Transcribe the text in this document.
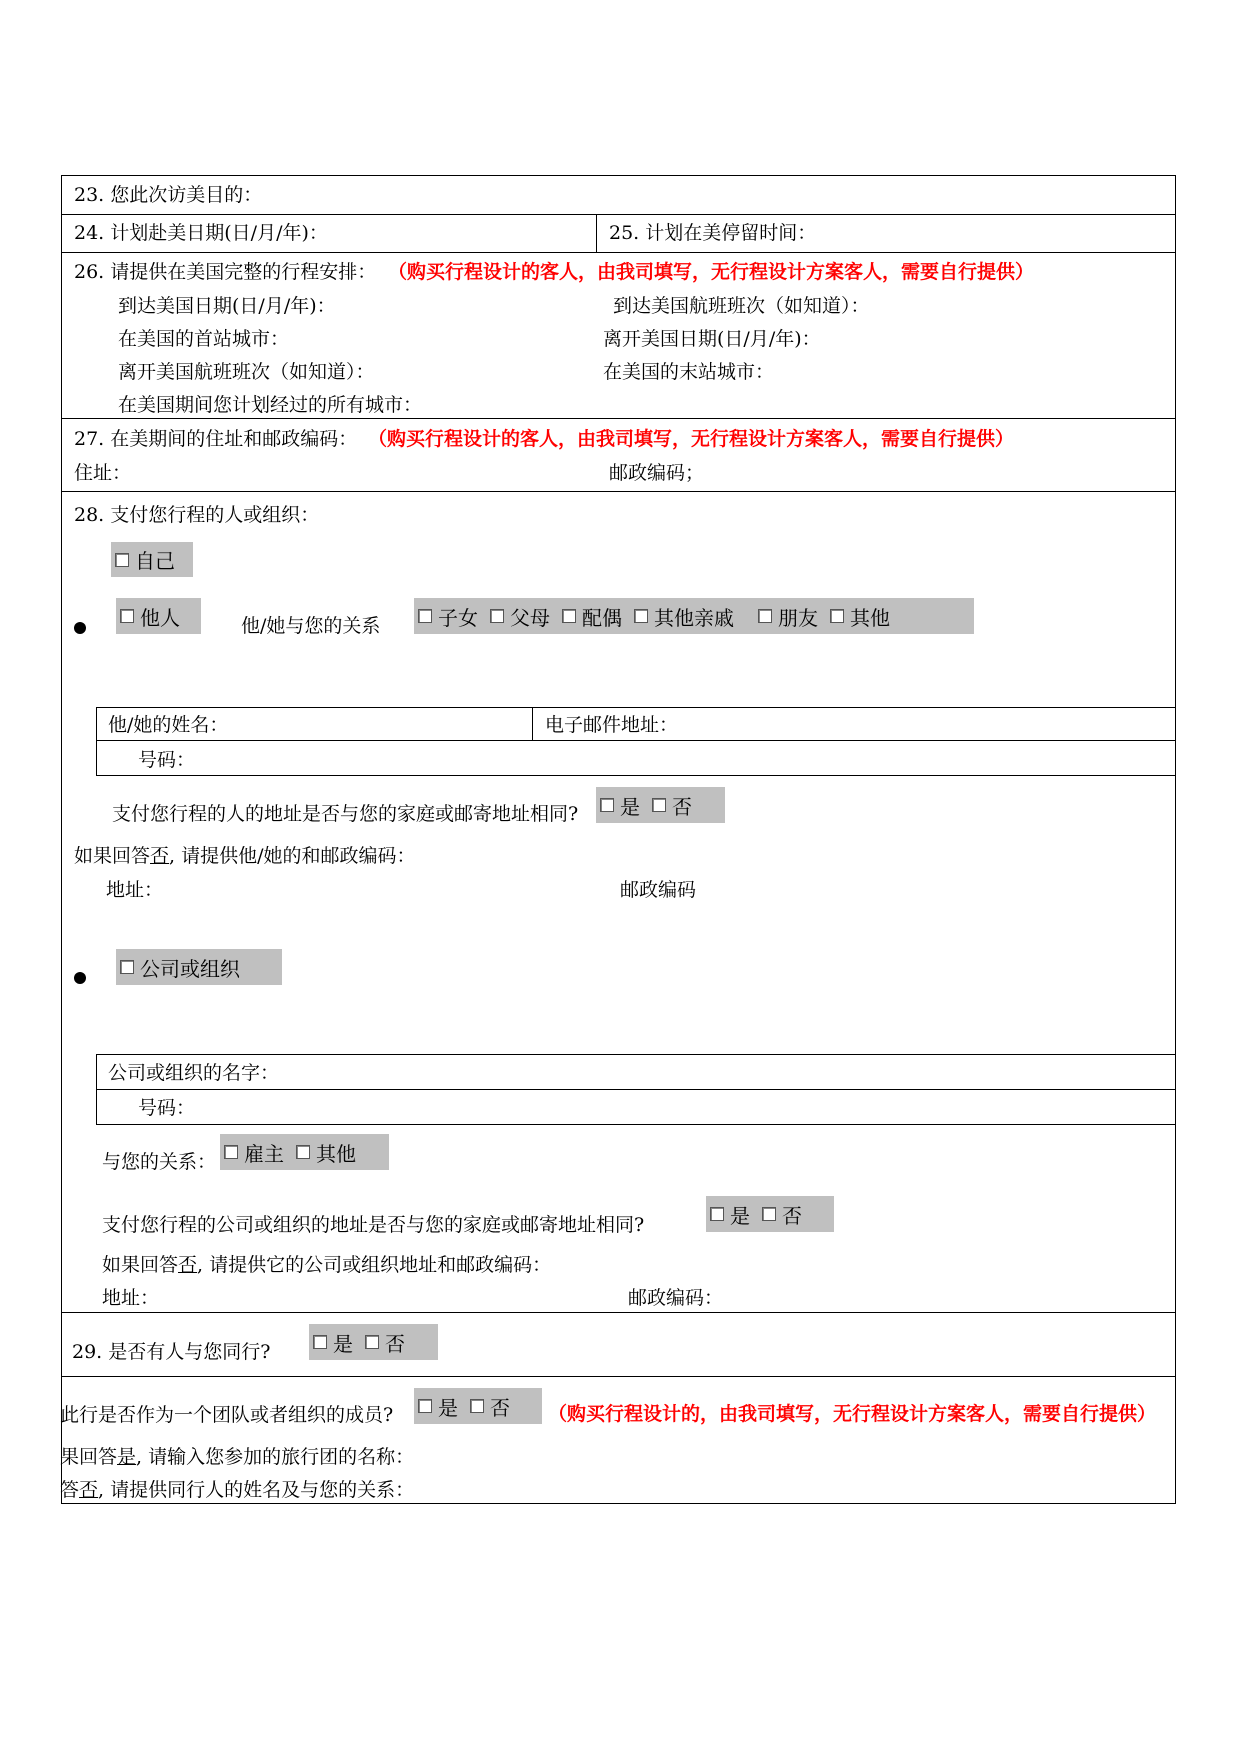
23. 您此次访美目的：
24. 计划赴美日期(日/月/年)：	25. 计划在美停留时间：
26. 请提供在美国完整的行程安排： （购买行程设计的客人，由我司填写，无行程设计方案客人，需要自行提供）
到达美国日期(日/月/年)：	到达美国航班班次（如知道）：
在美国的首站城市：	离开美国日期(日/月/年)：
离开美国航班班次（如知道）：	在美国的末站城市：
在美国期间您计划经过的所有城市：
27. 在美期间的住址和邮政编码： （购买行程设计的客人，由我司填写，无行程设计方案客人，需要自行提供）
住址：	邮政编码；
28. 支付您行程的人或组织：
自己
他人	他/她与您的关系	子女 父母 配偶 其他亲戚 朋友 其他
他/她的姓名：	电子邮件地址：
号码：
支付您行程的人的地址是否与您的家庭或邮寄地址相同? 是 否
如果回答否, 请提供他/她的和邮政编码：
地址：	邮政编码
公司或组织
公司或组织的名字：
号码：
与您的关系： 雇主 其他
支付您行程的公司或组织的地址是否与您的家庭或邮寄地址相同?	是 否
如果回答否, 请提供它的公司或组织地址和邮政编码：
地址：	邮政编码：
29. 是否有人与您同行?	是 否
此行是否作为一个团队或者组织的成员? 是 否 （购买行程设计的，由我司填写，无行程设计方案客人，需要自行提供）
果回答是, 请输入您参加的旅行团的名称：
答否, 请提供同行人的姓名及与您的关系：
